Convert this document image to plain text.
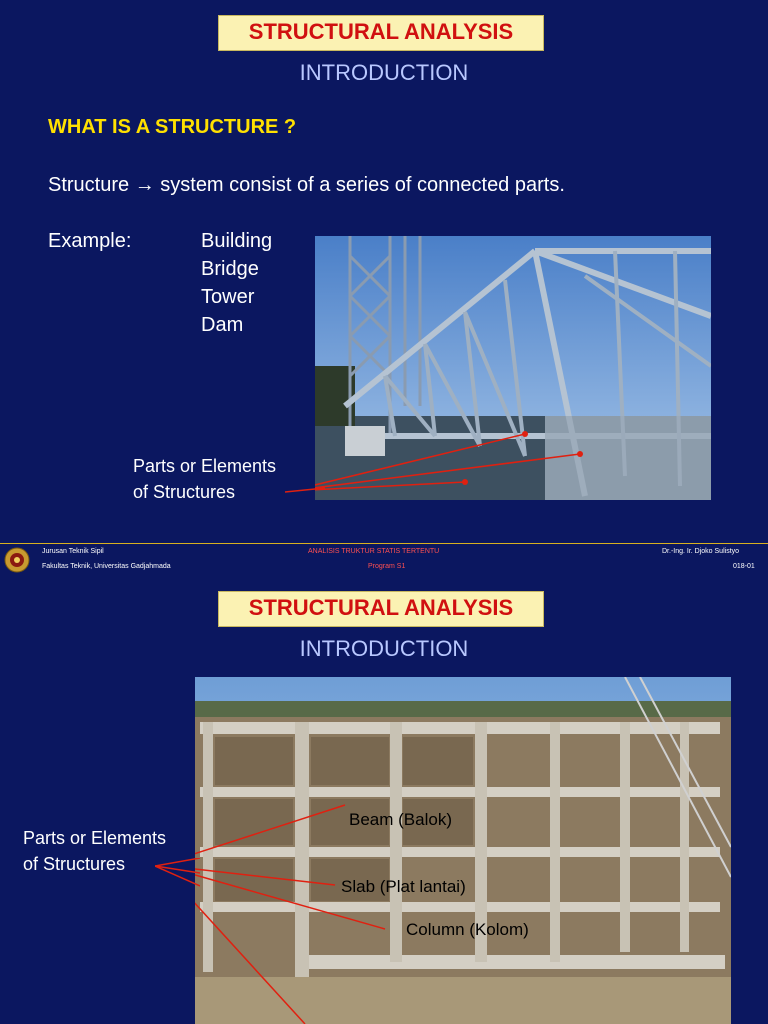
STRUCTURAL ANALYSIS
INTRODUCTION
WHAT IS A STRUCTURE ?
Structure → system consist of a series of connected parts.
Example:	Building
Bridge
Tower
Dam
Parts or Elements
of Structures
Jurusan Teknik Sipil
Fakultas Teknik, Universitas Gadjahmada
ANALISIS TRUKTUR STATIS TERTENTU
Program S1
Dr.-Ing. Ir. Djoko Sulistyo
018-01
STRUCTURAL ANALYSIS
INTRODUCTION
Parts or Elements
of Structures
Beam (Balok)
Slab (Plat lantai)
Column (Kolom)
